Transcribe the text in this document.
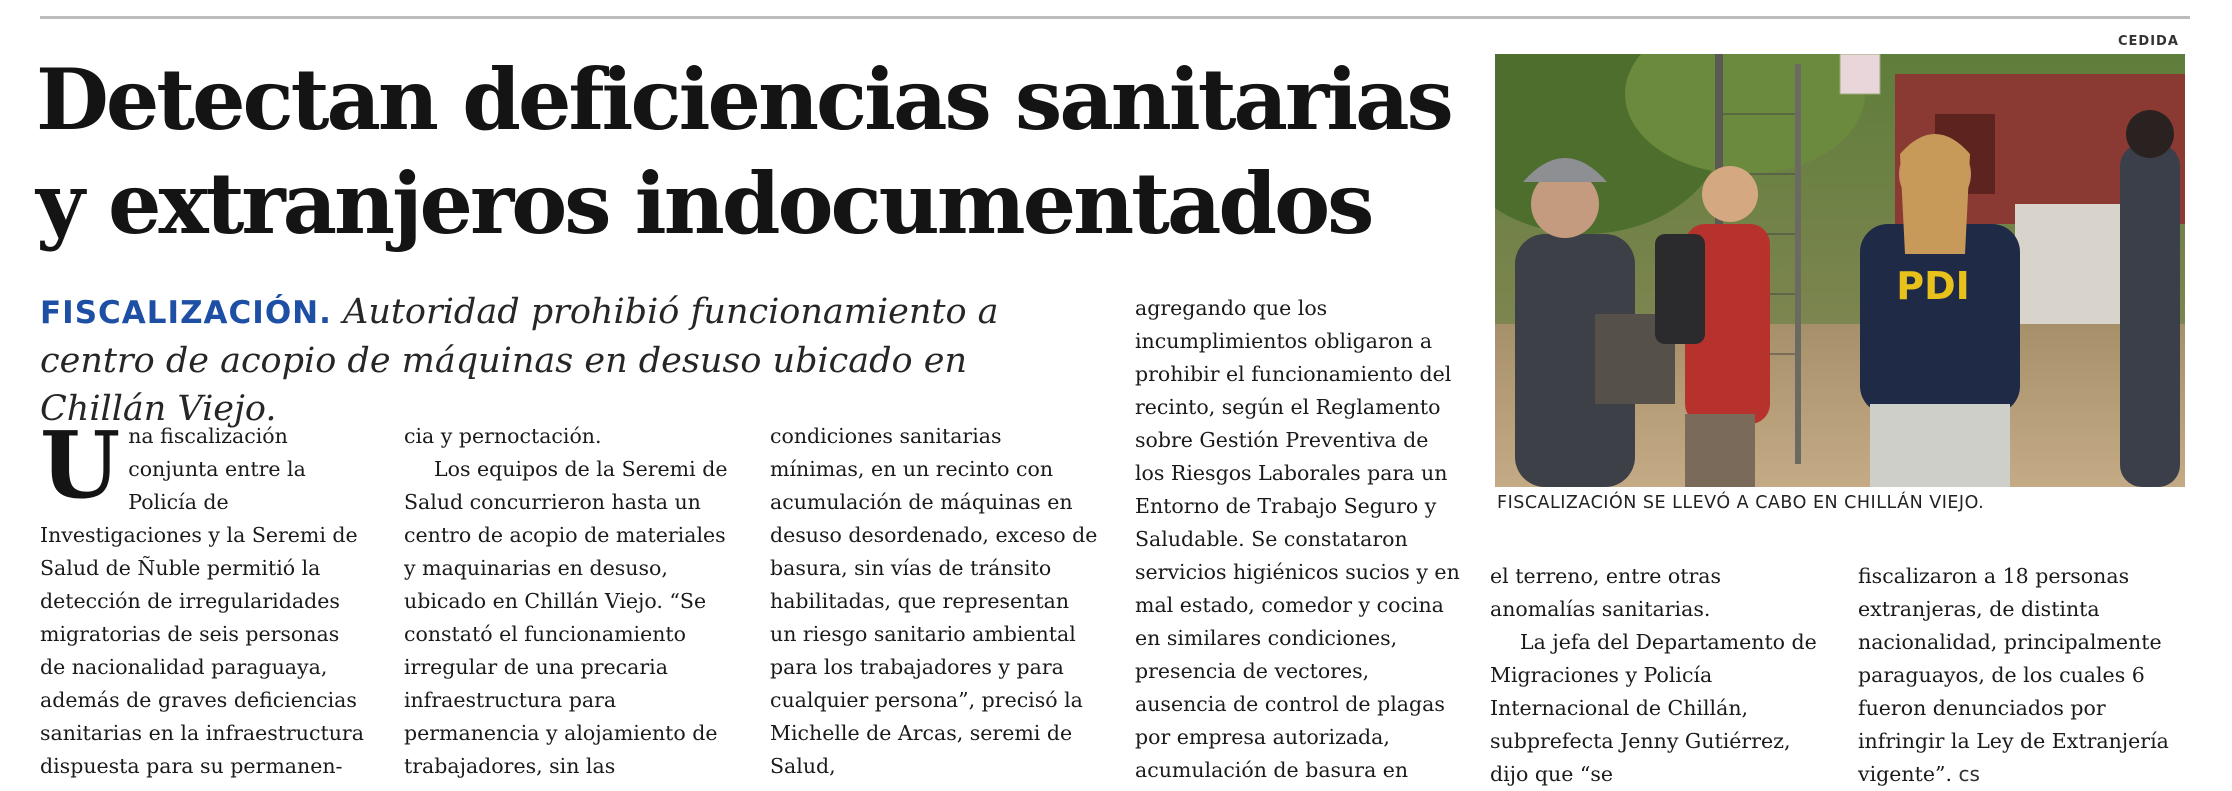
Detectan deficiencias sanitarias
y extranjeros indocumentados

FISCALIZACIÓN. Autoridad prohibió funcionamiento a centro de acopio de máquinas en desuso ubicado en Chillán Viejo.

Una fiscalización conjunta entre la Policía de Investigaciones y la Seremi de Salud de Ñuble permitió la detección de irregularidades migratorias de seis personas de nacionalidad paraguaya, además de graves deficiencias sanitarias en la infraestructura dispuesta para su permanen-

cia y pernoctación.

Los equipos de la Seremi de Salud concurrieron hasta un centro de acopio de materiales y maquinarias en desuso, ubicado en Chillán Viejo. “Se constató el funcionamiento irregular de una precaria infraestructura para permanencia y alojamiento de trabajadores, sin las

condiciones sanitarias mínimas, en un recinto con acumulación de máquinas en desuso desordenado, exceso de basura, sin vías de tránsito habilitadas, que representan un riesgo sanitario ambiental para los trabajadores y para cualquier persona”, precisó la Michelle de Arcas, seremi de Salud,

agregando que los incumplimientos obligaron a prohibir el funcionamiento del recinto, según el Reglamento sobre Gestión Preventiva de los Riesgos Laborales para un Entorno de Trabajo Seguro y Saludable. Se constataron servicios higiénicos sucios y en mal estado, comedor y cocina en similares condiciones, presencia de vectores, ausencia de control de plagas por empresa autorizada, acumulación de basura en

el terreno, entre otras anomalías sanitarias.

La jefa del Departamento de Migraciones y Policía Internacional de Chillán, subprefecta Jenny Gutiérrez, dijo que “se

fiscalizaron a 18 personas extranjeras, de distinta nacionalidad, principalmente paraguayos, de los cuales 6 fueron denunciados por infringir la Ley de Extranjería vigente”. cs

CEDIDA
PDI

FISCALIZACIÓN SE LLEVÓ A CABO EN CHILLÁN VIEJO.
